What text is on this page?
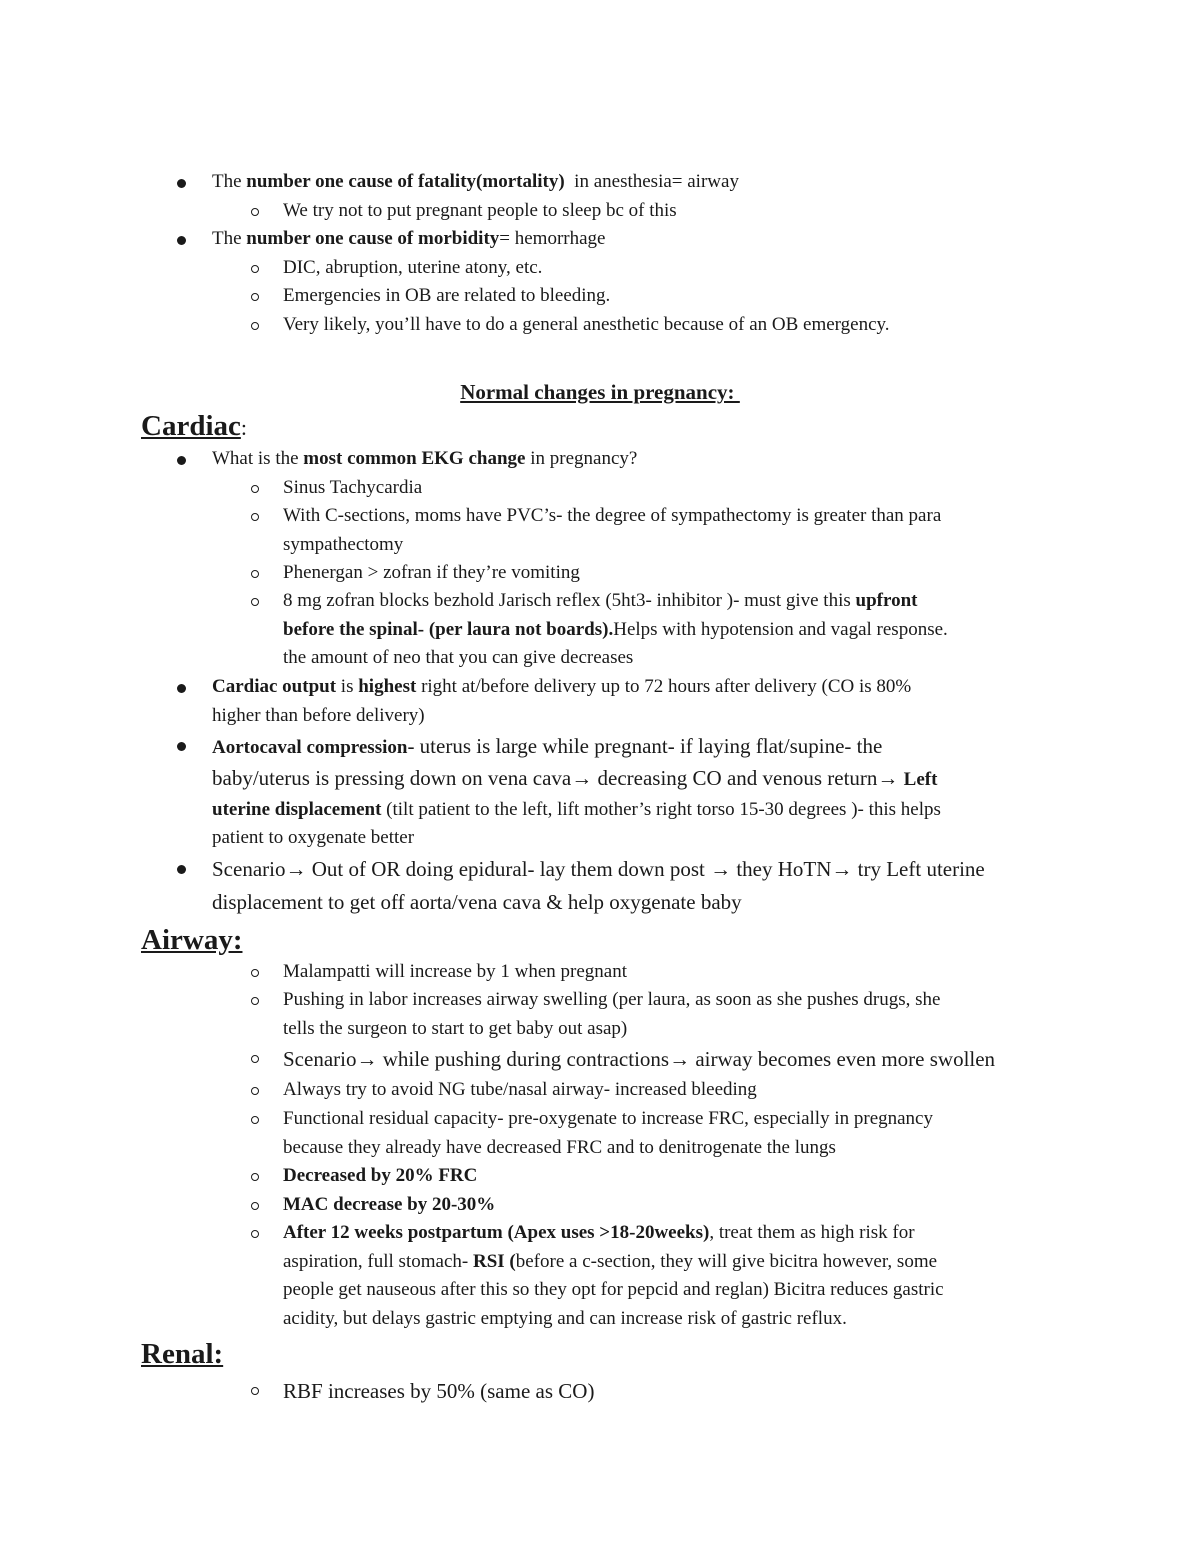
The number one cause of fatality(mortality)  in anesthesia= airway
We try not to put pregnant people to sleep bc of this
The number one cause of morbidity= hemorrhage
DIC, abruption, uterine atony, etc.
Emergencies in OB are related to bleeding.
Very likely, you’ll have to do a general anesthetic because of an OB emergency.
Normal changes in pregnancy:
Cardiac:
What is the most common EKG change in pregnancy?
Sinus Tachycardia
With C-sections, moms have PVC’s- the degree of sympathectomy is greater than para
sympathectomy
Phenergan > zofran if they’re vomiting
8 mg zofran blocks bezhold Jarisch reflex (5ht3- inhibitor )- must give this upfront
before the spinal- (per laura not boards).Helps with hypotension and vagal response.
the amount of neo that you can give decreases
Cardiac output is highest right at/before delivery up to 72 hours after delivery (CO is 80%
higher than before delivery)
Aortocaval compression- uterus is large while pregnant- if laying flat/supine- the
baby/uterus is pressing down on vena cava→ decreasing CO and venous return→ Left
uterine displacement (tilt patient to the left, lift mother’s right torso 15-30 degrees )- this helps
patient to oxygenate better
Scenario→ Out of OR doing epidural- lay them down post → they HoTN→ try Left uterine
displacement to get off aorta/vena cava & help oxygenate baby
Airway:
Malampatti will increase by 1 when pregnant
Pushing in labor increases airway swelling (per laura, as soon as she pushes drugs, she
tells the surgeon to start to get baby out asap)
Scenario→ while pushing during contractions→ airway becomes even more swollen
Always try to avoid NG tube/nasal airway- increased bleeding
Functional residual capacity- pre-oxygenate to increase FRC, especially in pregnancy
because they already have decreased FRC and to denitrogenate the lungs
Decreased by 20% FRC
MAC decrease by 20-30%
After 12 weeks postpartum (Apex uses >18-20weeks), treat them as high risk for
aspiration, full stomach- RSI (before a c-section, they will give bicitra however, some
people get nauseous after this so they opt for pepcid and reglan) Bicitra reduces gastric
acidity, but delays gastric emptying and can increase risk of gastric reflux.
Renal:
RBF increases by 50% (same as CO)
